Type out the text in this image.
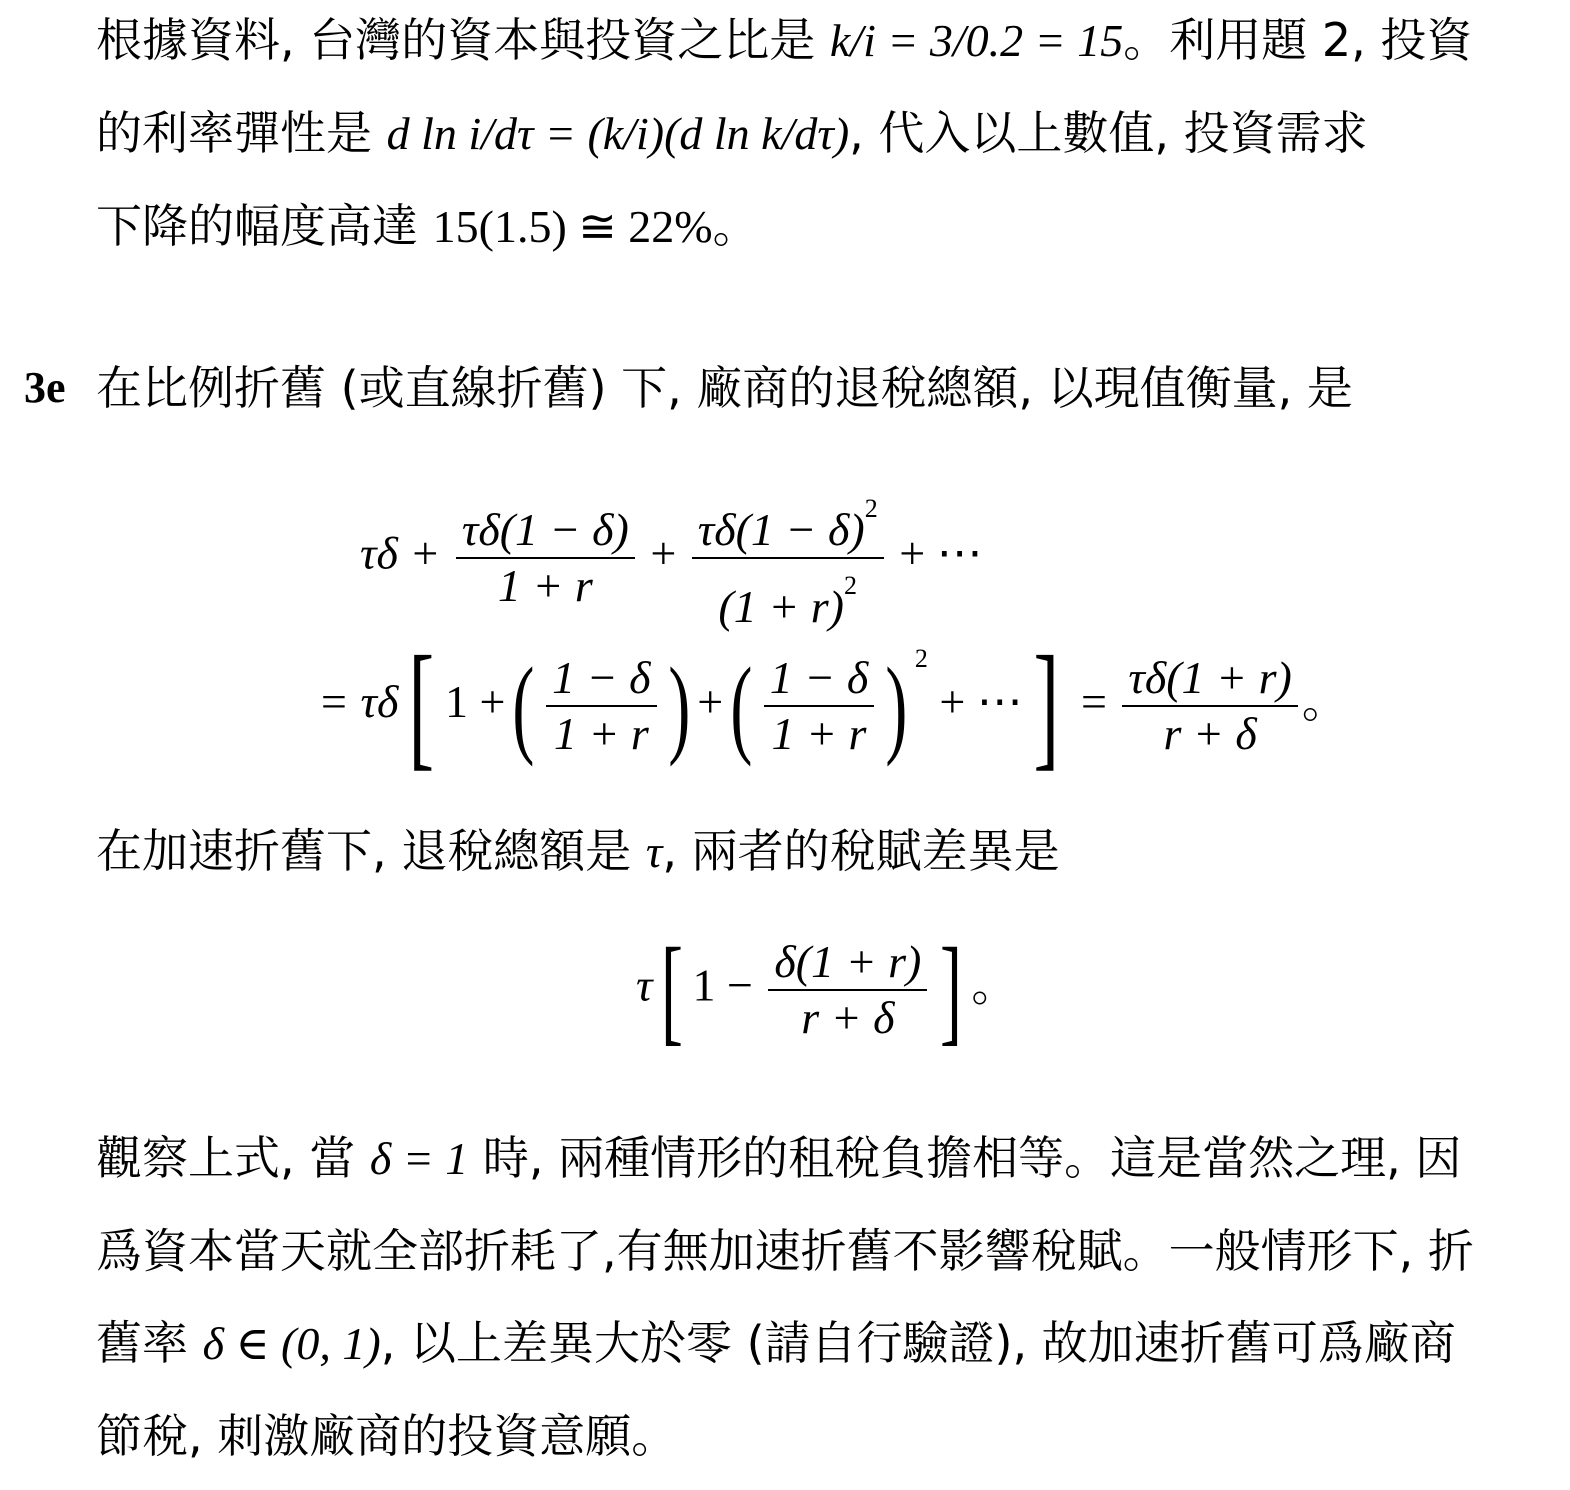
根據資料, 台灣的資本與投資之比是 k/i = 3/0.2 = 15。利用題 2, 投資
的利率彈性是 d ln i/dτ = (k/i)(d ln k/dτ), 代入以上數值, 投資需求
下降的幅度高達 15(1.5) ≅ 22%。
3e 在比例折舊 (或直線折舊) 下, 廠商的退稅總額, 以現值衡量, 是
$\tau\delta + \frac{\tau\delta(1 - \delta)}{1 + r} + \frac{\tau\delta(1 - \delta)^2}{(1 + r)^2}$ + ⋯
= τδ[ 1 +( $\frac{1 - \delta}{1 + r}$ ) +( $\frac{1 - \delta}{1 + r}$ ) $^2$ + ⋯] = $\frac{\tau\delta(1 + r)}{r + \delta}$ 。
在加速折舊下, 退稅總額是 τ, 兩者的稅賦差異是
τ[ $1 - \frac{\delta(1 + r)}{r + \delta}$ ] 。
觀察上式, 當 δ = 1 時, 兩種情形的租稅負擔相等。這是當然之理, 因
爲資本當天就全部折耗了,有無加速折舊不影響稅賦。一般情形下, 折
舊率 δ ∈ (0, 1), 以上差異大於零 (請自行驗證), 故加速折舊可爲廠商
節稅, 刺激廠商的投資意願。
